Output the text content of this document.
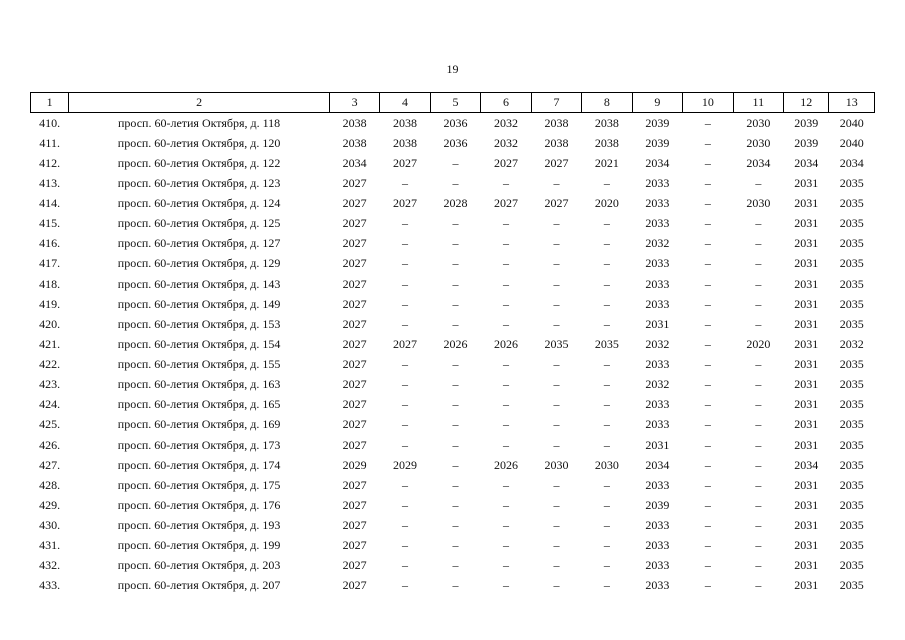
19
1	2	3	4	5	6	7	8	9	10	11	12	13
410.	просп. 60-летия Октября, д. 118	2038	2038	2036	2032	2038	2038	2039	–	2030	2039	2040
411.	просп. 60-летия Октября, д. 120	2038	2038	2036	2032	2038	2038	2039	–	2030	2039	2040
412.	просп. 60-летия Октября, д. 122	2034	2027	–	2027	2027	2021	2034	–	2034	2034	2034
413.	просп. 60-летия Октября, д. 123	2027	–	–	–	–	–	2033	–	–	2031	2035
414.	просп. 60-летия Октября, д. 124	2027	2027	2028	2027	2027	2020	2033	–	2030	2031	2035
415.	просп. 60-летия Октября, д. 125	2027	–	–	–	–	–	2033	–	–	2031	2035
416.	просп. 60-летия Октября, д. 127	2027	–	–	–	–	–	2032	–	–	2031	2035
417.	просп. 60-летия Октября, д. 129	2027	–	–	–	–	–	2033	–	–	2031	2035
418.	просп. 60-летия Октября, д. 143	2027	–	–	–	–	–	2033	–	–	2031	2035
419.	просп. 60-летия Октября, д. 149	2027	–	–	–	–	–	2033	–	–	2031	2035
420.	просп. 60-летия Октября, д. 153	2027	–	–	–	–	–	2031	–	–	2031	2035
421.	просп. 60-летия Октября, д. 154	2027	2027	2026	2026	2035	2035	2032	–	2020	2031	2032
422.	просп. 60-летия Октября, д. 155	2027	–	–	–	–	–	2033	–	–	2031	2035
423.	просп. 60-летия Октября, д. 163	2027	–	–	–	–	–	2032	–	–	2031	2035
424.	просп. 60-летия Октября, д. 165	2027	–	–	–	–	–	2033	–	–	2031	2035
425.	просп. 60-летия Октября, д. 169	2027	–	–	–	–	–	2033	–	–	2031	2035
426.	просп. 60-летия Октября, д. 173	2027	–	–	–	–	–	2031	–	–	2031	2035
427.	просп. 60-летия Октября, д. 174	2029	2029	–	2026	2030	2030	2034	–	–	2034	2035
428.	просп. 60-летия Октября, д. 175	2027	–	–	–	–	–	2033	–	–	2031	2035
429.	просп. 60-летия Октября, д. 176	2027	–	–	–	–	–	2039	–	–	2031	2035
430.	просп. 60-летия Октября, д. 193	2027	–	–	–	–	–	2033	–	–	2031	2035
431.	просп. 60-летия Октября, д. 199	2027	–	–	–	–	–	2033	–	–	2031	2035
432.	просп. 60-летия Октября, д. 203	2027	–	–	–	–	–	2033	–	–	2031	2035
433.	просп. 60-летия Октября, д. 207	2027	–	–	–	–	–	2033	–	–	2031	2035
